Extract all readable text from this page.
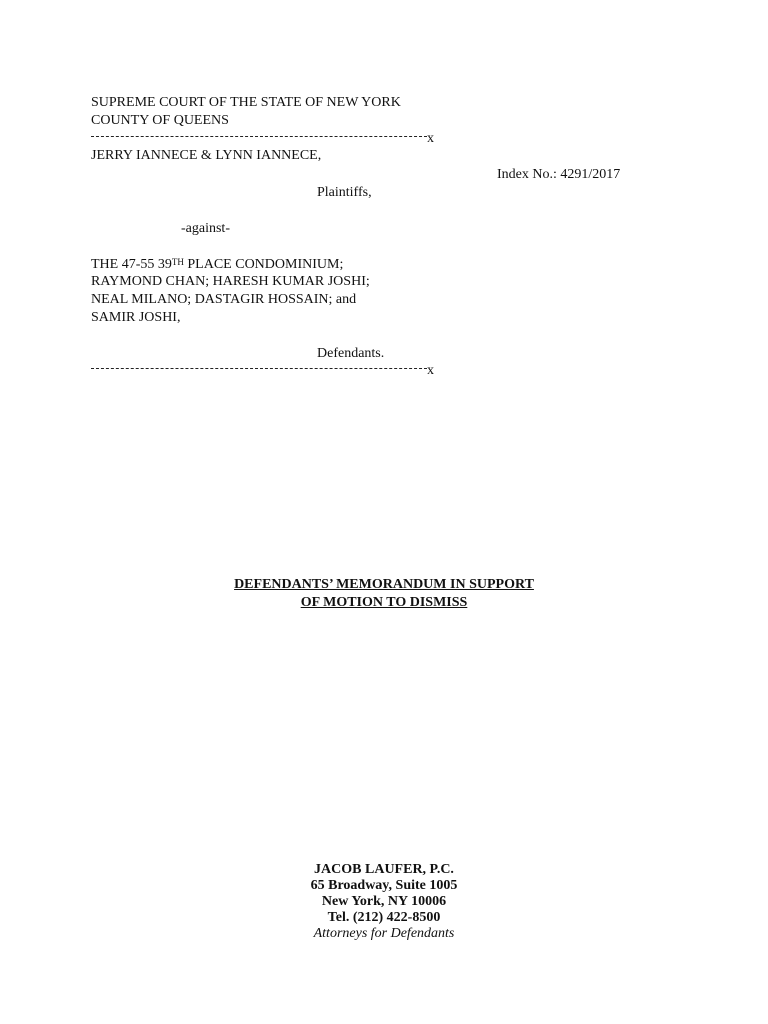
SUPREME COURT OF THE STATE OF NEW YORK
COUNTY OF QUEENS
x
JERRY IANNECE & LYNN IANNECE,
Index No.: 4291/2017
Plaintiffs,
-against-
THE 47-55 39TH PLACE CONDOMINIUM;
RAYMOND CHAN; HARESH KUMAR JOSHI;
NEAL MILANO; DASTAGIR HOSSAIN; and
SAMIR JOSHI,
Defendants.
x
DEFENDANTS’ MEMORANDUM IN SUPPORT
OF MOTION TO DISMISS
JACOB LAUFER, P.C.
65 Broadway, Suite 1005
New York, NY 10006
Tel. (212) 422-8500
Attorneys for Defendants
